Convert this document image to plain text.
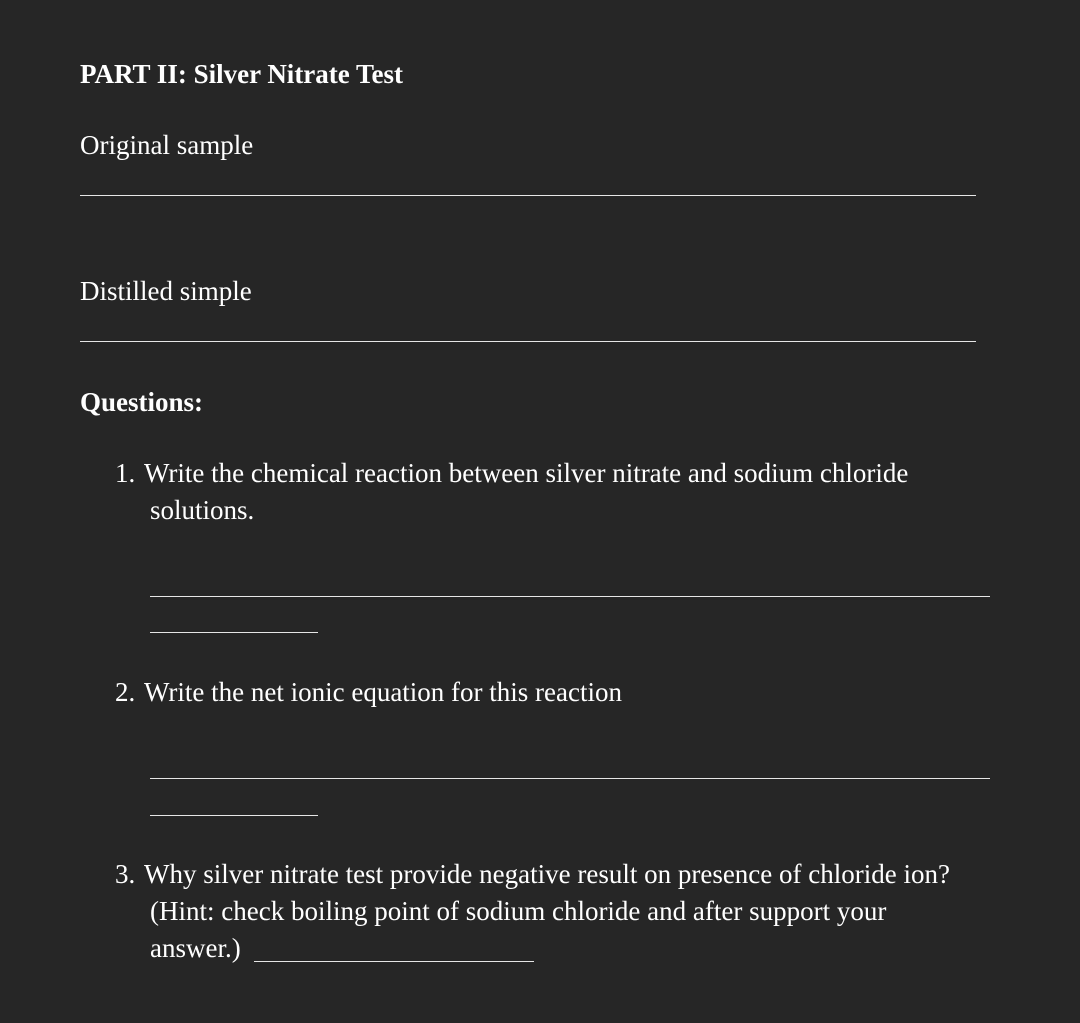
PART II: Silver Nitrate Test
Original sample
Distilled simple
Questions:
1. Write the chemical reaction between silver nitrate and sodium chloride
solutions.
2. Write the net ionic equation for this reaction
3. Why silver nitrate test provide negative result on presence of chloride ion?
(Hint: check boiling point of sodium chloride and after support your
answer.)
